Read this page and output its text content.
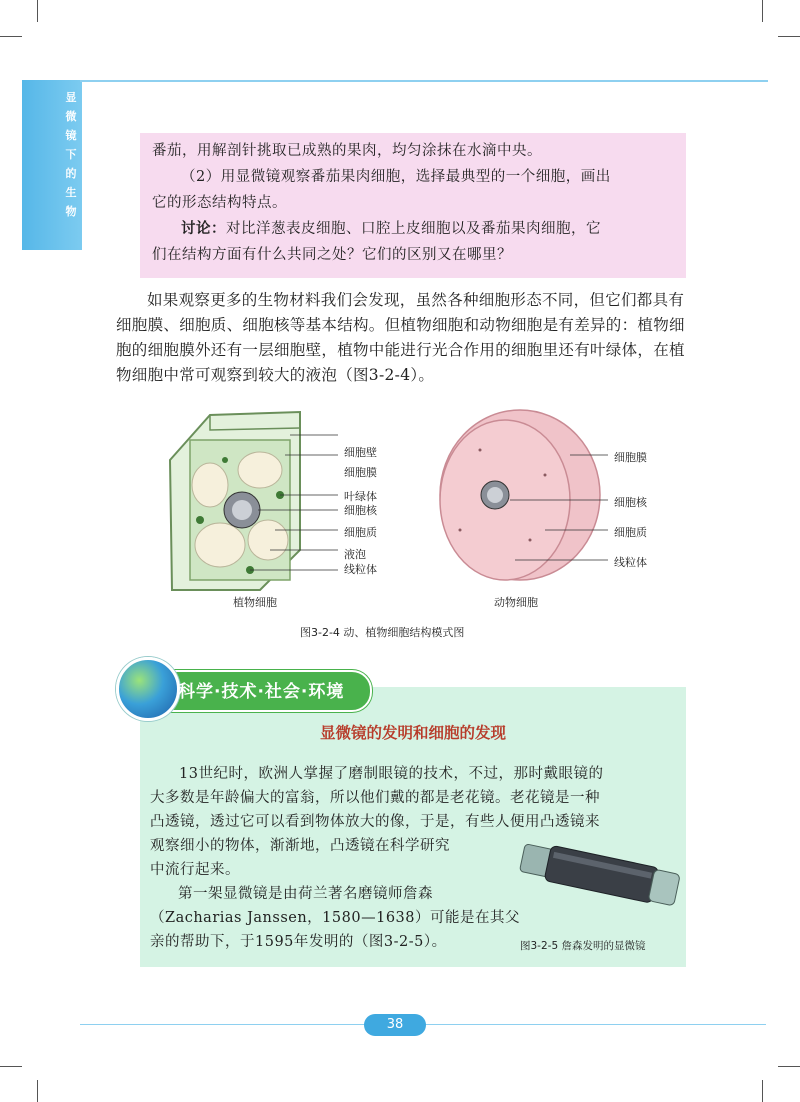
显
微
镜
下
的
生
物

番茄，用解剖针挑取已成熟的果肉，均匀涂抹在水滴中央。

（2）用显微镜观察番茄果肉细胞，选择最典型的一个细胞，画出

它的形态结构特点。

讨论：对比洋葱表皮细胞、口腔上皮细胞以及番茄果肉细胞，它

们在结构方面有什么共同之处？它们的区别又在哪里？

如果观察更多的生物材料我们会发现，虽然各种细胞形态不同，但它们都具有细胞膜、细胞质、细胞核等基本结构。但植物细胞和动物细胞是有差异的：植物细胞的细胞膜外还有一层细胞壁，植物中能进行光合作用的细胞里还有叶绿体，在植物细胞中常可观察到较大的液泡（图3-2-4）。

细胞壁
细胞膜
叶绿体
细胞核
细胞质
液泡
线粒体
细胞膜
细胞核
细胞质
线粒体
植物细胞	动物细胞
图3-2-4 动、植物细胞结构模式图
科学·技术·社会·环境
显微镜的发明和细胞的发现
13世纪时，欧洲人掌握了磨制眼镜的技术，不过，那时戴眼镜的
大多数是年龄偏大的富翁，所以他们戴的都是老花镜。老花镜是一种
凸透镜，透过它可以看到物体放大的像，于是，有些人便用凸透镜来
观察细小的物体，渐渐地，凸透镜在科学研究
中流行起来。
第一架显微镜是由荷兰著名磨镜师詹森
（Zacharias Janssen，1580—1638）可能是在其父
亲的帮助下，于1595年发明的（图3-2-5）。	图3-2-5 詹森发明的显微镜
38
